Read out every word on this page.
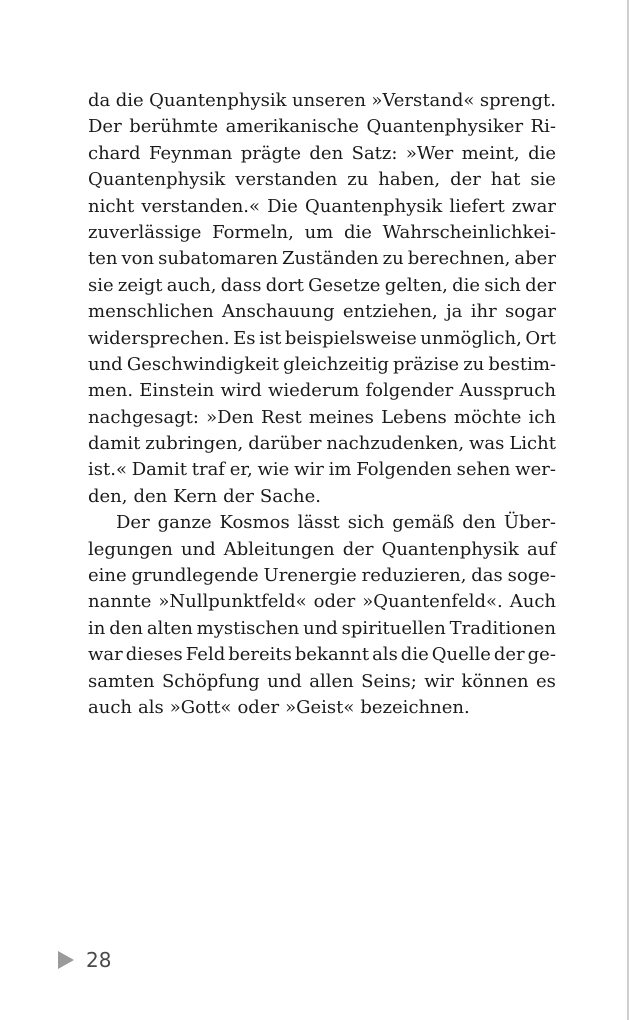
da die Quantenphysik unseren »Verstand« sprengt.
Der berühmte amerikanische Quantenphysiker Ri-
chard Feynman prägte den Satz: »Wer meint, die
Quantenphysik verstanden zu haben, der hat sie
nicht verstanden.« Die Quantenphysik liefert zwar
zuverlässige Formeln, um die Wahrscheinlichkei-
ten von subatomaren Zuständen zu berechnen, aber
sie zeigt auch, dass dort Gesetze gelten, die sich der
menschlichen Anschauung entziehen, ja ihr sogar
widersprechen. Es ist beispielsweise unmöglich, Ort
und Geschwindigkeit gleichzeitig präzise zu bestim-
men. Einstein wird wiederum folgender Ausspruch
nachgesagt: »Den Rest meines Lebens möchte ich
damit zubringen, darüber nachzudenken, was Licht
ist.« Damit traf er, wie wir im Folgenden sehen wer-
den, den Kern der Sache.
Der ganze Kosmos lässt sich gemäß den Über-
legungen und Ableitungen der Quantenphysik auf
eine grundlegende Urenergie reduzieren, das soge-
nannte »Nullpunktfeld« oder »Quantenfeld«. Auch
in den alten mystischen und spirituellen Traditionen
war dieses Feld bereits bekannt als die Quelle der ge-
samten Schöpfung und allen Seins; wir können es
auch als »Gott« oder »Geist« bezeichnen.
28
